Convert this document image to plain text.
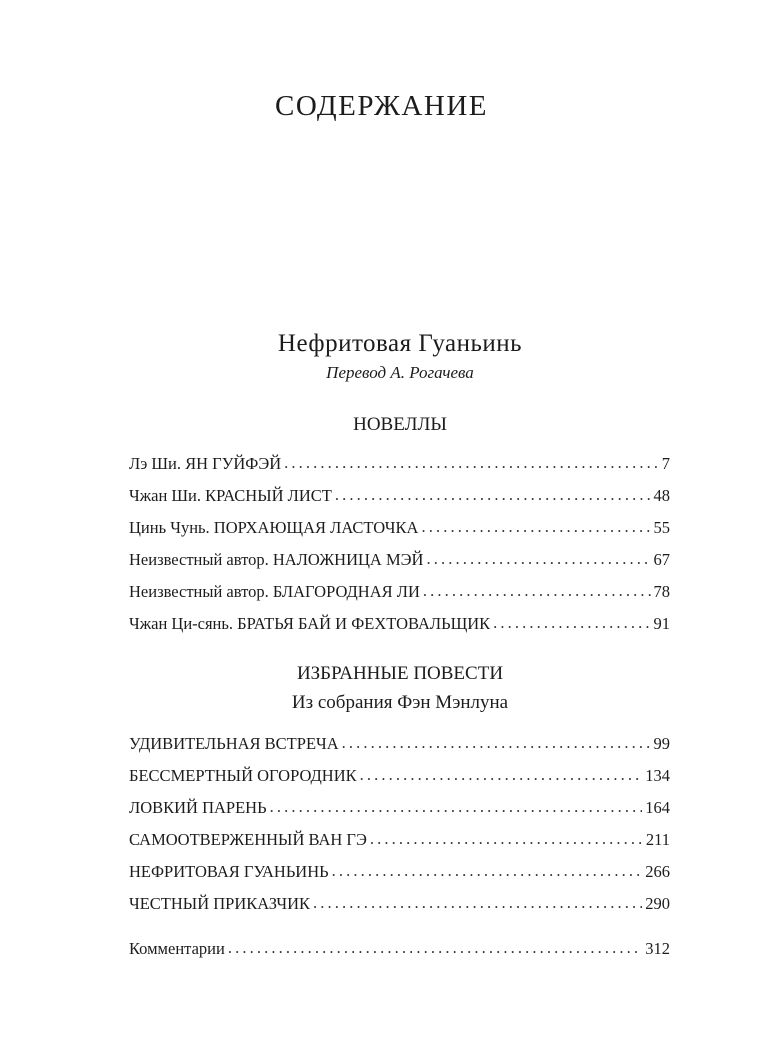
СОДЕРЖАНИЕ
Нефритовая Гуаньинь
Перевод А. Рогачева
НОВЕЛЛЫ
Лэ Ши. ЯН ГУЙФЭЙ . . .	7
Чжан Ши. КРАСНЫЙ ЛИСТ . . .	48
Цинь Чунь. ПОРХАЮЩАЯ ЛАСТОЧКА . . .	55
Неизвестный автор. НАЛОЖНИЦА МЭЙ . . .	67
Неизвестный автор. БЛАГОРОДНАЯ ЛИ . . .	78
Чжан Ци-сянь. БРАТЬЯ БАЙ И ФЕХТОВАЛЬЩИК . . .	91
ИЗБРАННЫЕ ПОВЕСТИ
Из собрания Фэн Мэнлуна
УДИВИТЕЛЬНАЯ ВСТРЕЧА . . .	99
БЕССМЕРТНЫЙ ОГОРОДНИК . . .	134
ЛОВКИЙ ПАРЕНЬ . . .	164
САМООТВЕРЖЕННЫЙ ВАН ГЭ . . .	211
НЕФРИТОВАЯ ГУАНЬИНЬ . . .	266
ЧЕСТНЫЙ ПРИКАЗЧИК . . .	290
Комментарии . . .	312
